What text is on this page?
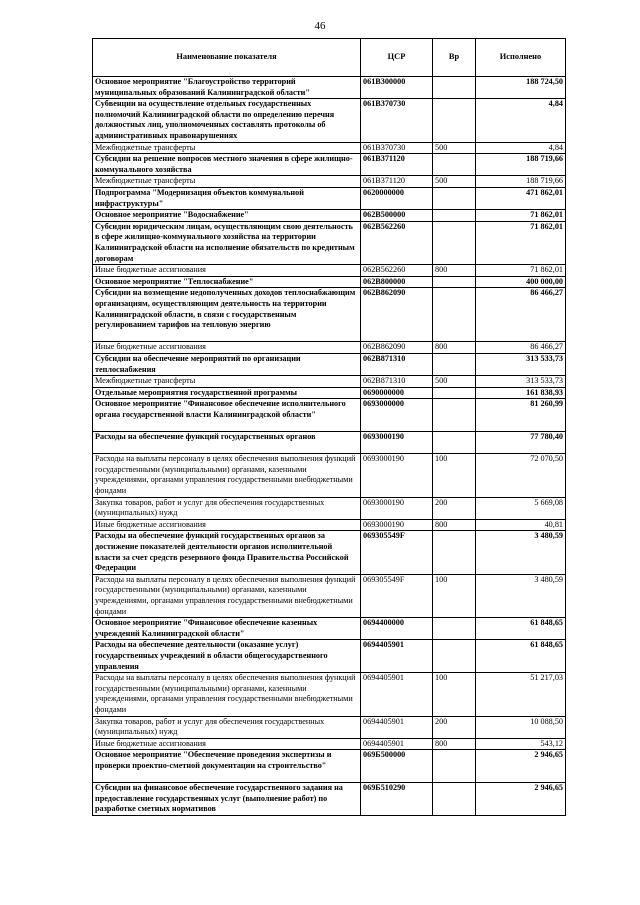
46
Наименование показателя	ЦСР	Вр	Исполнено
Основное мероприятие "Благоустройство территорий муниципальных образований Калининградской области"	061В300000		188 724,50
Субвенции на осуществление отдельных государственных полномочий Калининградской области по определению перечня должностных лиц, уполномоченных составлять протоколы об административных правонарушениях	061В370730		4,84
Межбюджетные трансферты	061В370730	500	4,84
Субсидии на решение вопросов местного значения в сфере жилищно-коммунального хозяйства	061В371120		188 719,66
Межбюджетные трансферты	061В371120	500	188 719,66
Подпрограмма "Модернизация объектов коммунальной инфраструктуры"	0620000000		471 862,01
Основное мероприятие "Водоснабжение"	062В500000		71 862,01
Субсидии юридическим лицам, осуществляющим свою деятельность в сфере жилищно-коммунального хозяйства на территории Калининградской области на исполнение обязательств по кредитным договорам	062В562260		71 862,01
Иные бюджетные ассигнования	062В562260	800	71 862,01
Основное мероприятие "Теплоснабжение"	062В800000		400 000,00
Субсидии на возмещение недополученных доходов теплоснабжающим организациям, осуществляющим деятельность на территории Калининградской области, в связи с государственным регулированием тарифов на тепловую энергию	062В862090		86 466,27
Иные бюджетные ассигнования	062В862090	800	86 466,27
Субсидии на обеспечение мероприятий по организации теплоснабжения	062В871310		313 533,73
Межбюджетные трансферты	062В871310	500	313 533,73
Отдельные мероприятия государственной программы	0690000000		161 838,93
Основное мероприятие "Финансовое обеспечение исполнительного органа государственной власти Калининградской области"	0693000000		81 260,99
Расходы на обеспечение функций государственных органов	0693000190		77 780,40
Расходы на выплаты персоналу в целях обеспечения выполнения функций государственными (муниципальными) органами, казенными учреждениями, органами управления государственными внебюджетными фондами	0693000190	100	72 070,50
Закупка товаров, работ и услуг для обеспечения государственных (муниципальных) нужд	0693000190	200	5 669,08
Иные бюджетные ассигнования	0693000190	800	40,81
Расходы на обеспечение функций государственных органов за достижение показателей деятельности органов исполнительной власти за счет средств резервного фонда Правительства Российской Федерации	069305549F		3 480,59
Расходы на выплаты персоналу в целях обеспечения выполнения функций государственными (муниципальными) органами, казенными учреждениями, органами управления государственными внебюджетными фондами	069305549F	100	3 480,59
Основное мероприятие "Финансовое обеспечение казенных учреждений Калининградской области"	0694400000		61 848,65
Расходы на обеспечение деятельности (оказание услуг) государственных учреждений в области общегосударственного управления	0694405901		61 848,65
Расходы на выплаты персоналу в целях обеспечения выполнения функций государственными (муниципальными) органами, казенными учреждениями, органами управления государственными внебюджетными фондами	0694405901	100	51 217,03
Закупка товаров, работ и услуг для обеспечения государственных (муниципальных) нужд	0694405901	200	10 088,50
Иные бюджетные ассигнования	0694405901	800	543,12
Основное мероприятие "Обеспечение проведения экспертизы и проверки проектно-сметной документации на строительство"	069Б500000		2 946,65
Субсидии на финансовое обеспечение государственного задания на предоставление государственных услуг (выполнение работ) по разработке сметных нормативов	069Б510290		2 946,65
